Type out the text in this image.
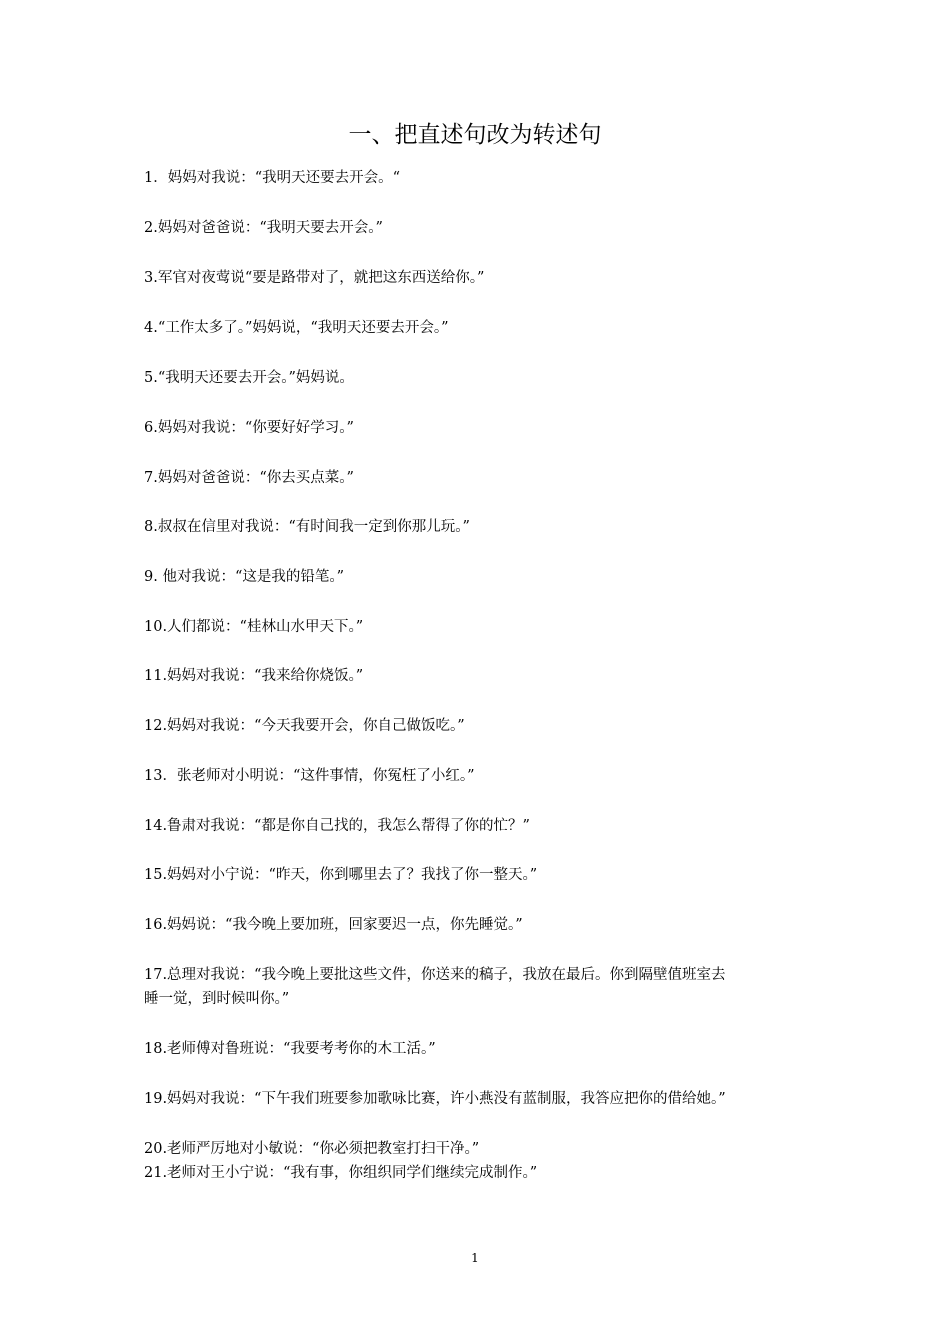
一、把直述句改为转述句

1．妈妈对我说：“我明天还要去开会。“

2.妈妈对爸爸说：“我明天要去开会。”

3.军官对夜莺说“要是路带对了，就把这东西送给你。”

4.“工作太多了。”妈妈说，“我明天还要去开会。”

5.“我明天还要去开会。”妈妈说。

6.妈妈对我说：“你要好好学习。”

7.妈妈对爸爸说：“你去买点菜。”

8.叔叔在信里对我说：“有时间我一定到你那儿玩。”

9. 他对我说：“这是我的铅笔。”

10.人们都说：“桂林山水甲天下。”

11.妈妈对我说：“我来给你烧饭。”

12.妈妈对我说：“今天我要开会，你自己做饭吃。”

13．张老师对小明说：“这件事情，你冤枉了小红。”

14.鲁肃对我说：“都是你自己找的，我怎么帮得了你的忙？”

15.妈妈对小宁说：“昨天，你到哪里去了？我找了你一整天。”

16.妈妈说：“我今晚上要加班，回家要迟一点，你先睡觉。”

17.总理对我说：“我今晚上要批这些文件，你送来的稿子，我放在最后。你到隔壁值班室去

睡一觉，到时候叫你。”

18.老师傅对鲁班说：“我要考考你的木工活。”

19.妈妈对我说：“下午我们班要参加歌咏比赛，许小燕没有蓝制服，我答应把你的借给她。”

20.老师严厉地对小敏说：“你必须把教室打扫干净。”

21.老师对王小宁说：“我有事，你组织同学们继续完成制作。”

1
